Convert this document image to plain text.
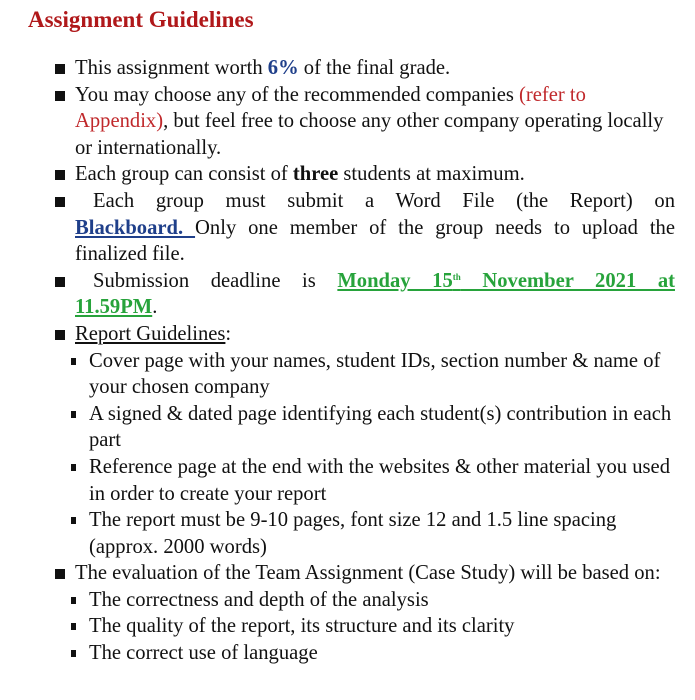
Assignment Guidelines
This assignment worth 6% of the final grade.
You may choose any of the recommended companies (refer to Appendix), but feel free to choose any other company operating locally or internationally.
Each group can consist of three students at maximum.
Each group must submit a Word File (the Report) on
Blackboard. Only one member of the group needs to upload the finalized file.
Submission deadline is Monday 15th November 2021 at
11.59PM.
Report Guidelines:
Cover page with your names, student IDs, section number & name of your chosen company
A signed & dated page identifying each student(s) contribution in each part
Reference page at the end with the websites & other material you used in order to create your report
The report must be 9-10 pages, font size 12 and 1.5 line spacing (approx. 2000 words)
The evaluation of the Team Assignment (Case Study) will be based on:
The correctness and depth of the analysis
The quality of the report, its structure and its clarity
The correct use of language
